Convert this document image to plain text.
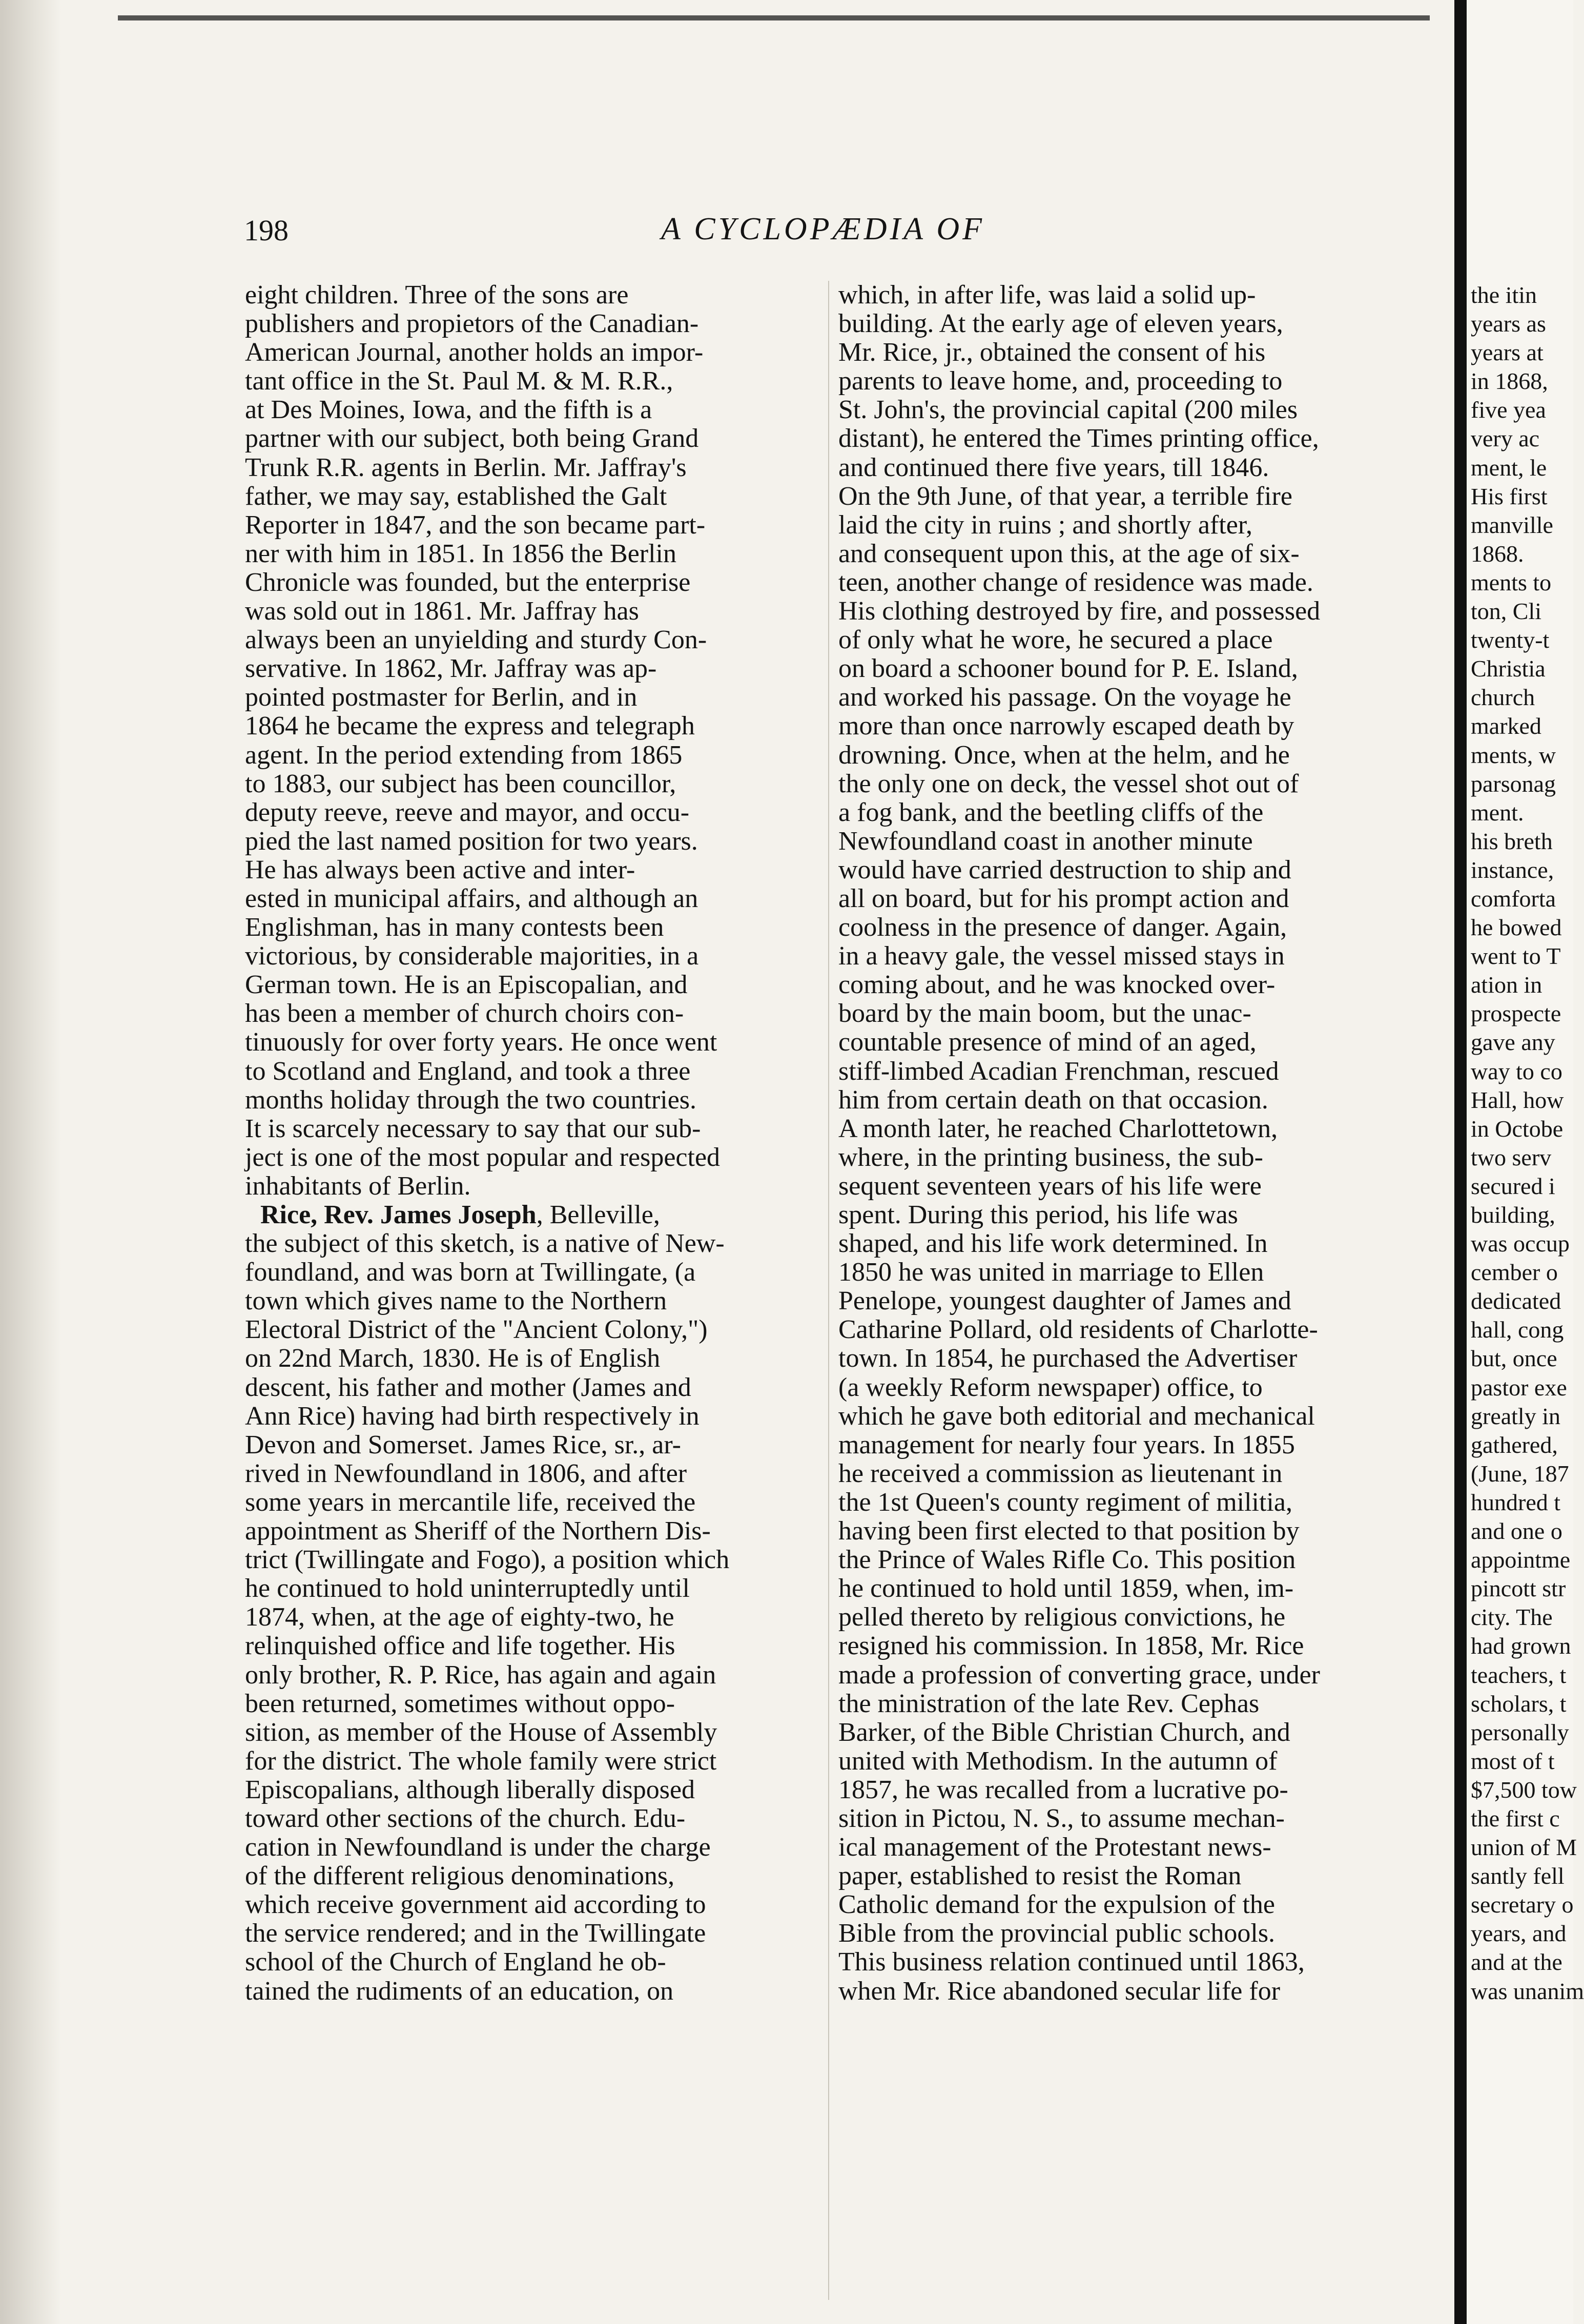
198	A CYCLOPÆDIA OF
eight children. Three of the sons are
publishers and propietors of the Canadian-
American Journal, another holds an impor-
tant office in the St. Paul M. & M. R.R.,
at Des Moines, Iowa, and the fifth is a
partner with our subject, both being Grand
Trunk R.R. agents in Berlin. Mr. Jaffray's
father, we may say, established the Galt
Reporter in 1847, and the son became part-
ner with him in 1851. In 1856 the Berlin
Chronicle was founded, but the enterprise
was sold out in 1861. Mr. Jaffray has
always been an unyielding and sturdy Con-
servative. In 1862, Mr. Jaffray was ap-
pointed postmaster for Berlin, and in
1864 he became the express and telegraph
agent. In the period extending from 1865
to 1883, our subject has been councillor,
deputy reeve, reeve and mayor, and occu-
pied the last named position for two years.
He has always been active and inter-
ested in municipal affairs, and although an
Englishman, has in many contests been
victorious, by considerable majorities, in a
German town. He is an Episcopalian, and
has been a member of church choirs con-
tinuously for over forty years. He once went
to Scotland and England, and took a three
months holiday through the two countries.
It is scarcely necessary to say that our sub-
ject is one of the most popular and respected
inhabitants of Berlin.
Rice, Rev. James Joseph, Belleville,
the subject of this sketch, is a native of New-
foundland, and was born at Twillingate, (a
town which gives name to the Northern
Electoral District of the "Ancient Colony,")
on 22nd March, 1830. He is of English
descent, his father and mother (James and
Ann Rice) having had birth respectively in
Devon and Somerset. James Rice, sr., ar-
rived in Newfoundland in 1806, and after
some years in mercantile life, received the
appointment as Sheriff of the Northern Dis-
trict (Twillingate and Fogo), a position which
he continued to hold uninterruptedly until
1874, when, at the age of eighty-two, he
relinquished office and life together. His
only brother, R. P. Rice, has again and again
been returned, sometimes without oppo-
sition, as member of the House of Assembly
for the district. The whole family were strict
Episcopalians, although liberally disposed
toward other sections of the church. Edu-
cation in Newfoundland is under the charge
of the different religious denominations,
which receive government aid according to
the service rendered; and in the Twillingate
school of the Church of England he ob-
tained the rudiments of an education, on
which, in after life, was laid a solid up-
building. At the early age of eleven years,
Mr. Rice, jr., obtained the consent of his
parents to leave home, and, proceeding to
St. John's, the provincial capital (200 miles
distant), he entered the Times printing office,
and continued there five years, till 1846.
On the 9th June, of that year, a terrible fire
laid the city in ruins ; and shortly after,
and consequent upon this, at the age of six-
teen, another change of residence was made.
His clothing destroyed by fire, and possessed
of only what he wore, he secured a place
on board a schooner bound for P. E. Island,
and worked his passage. On the voyage he
more than once narrowly escaped death by
drowning. Once, when at the helm, and he
the only one on deck, the vessel shot out of
a fog bank, and the beetling cliffs of the
Newfoundland coast in another minute
would have carried destruction to ship and
all on board, but for his prompt action and
coolness in the presence of danger. Again,
in a heavy gale, the vessel missed stays in
coming about, and he was knocked over-
board by the main boom, but the unac-
countable presence of mind of an aged,
stiff-limbed Acadian Frenchman, rescued
him from certain death on that occasion.
A month later, he reached Charlottetown,
where, in the printing business, the sub-
sequent seventeen years of his life were
spent. During this period, his life was
shaped, and his life work determined. In
1850 he was united in marriage to Ellen
Penelope, youngest daughter of James and
Catharine Pollard, old residents of Charlotte-
town. In 1854, he purchased the Advertiser
(a weekly Reform newspaper) office, to
which he gave both editorial and mechanical
management for nearly four years. In 1855
he received a commission as lieutenant in
the 1st Queen's county regiment of militia,
having been first elected to that position by
the Prince of Wales Rifle Co. This position
he continued to hold until 1859, when, im-
pelled thereto by religious convictions, he
resigned his commission. In 1858, Mr. Rice
made a profession of converting grace, under
the ministration of the late Rev. Cephas
Barker, of the Bible Christian Church, and
united with Methodism. In the autumn of
1857, he was recalled from a lucrative po-
sition in Pictou, N. S., to assume mechan-
ical management of the Protestant news-
paper, established to resist the Roman
Catholic demand for the expulsion of the
Bible from the provincial public schools.
This business relation continued until 1863,
when Mr. Rice abandoned secular life for
the itin
years as
years at
in 1868,
five yea
very ac
ment, le
His first
manville
1868.
ments to
ton, Cli
twenty-t
Christia
church
marked
ments, w
parsonag
ment.
his breth
instance,
comforta
he bowed
went to T
ation in
prospecte
gave any
way to co
Hall, how
in Octobe
two serv
secured i
building,
was occup
cember o
dedicated
hall, cong
but, once
pastor exe
greatly in
gathered,
(June, 187
hundred t
and one o
appointme
pincott str
city. The
had grown
teachers, t
scholars, t
personally
most of t
$7,500 tow
the first c
union of M
santly fell
secretary o
years, and
and at the
was unanim
